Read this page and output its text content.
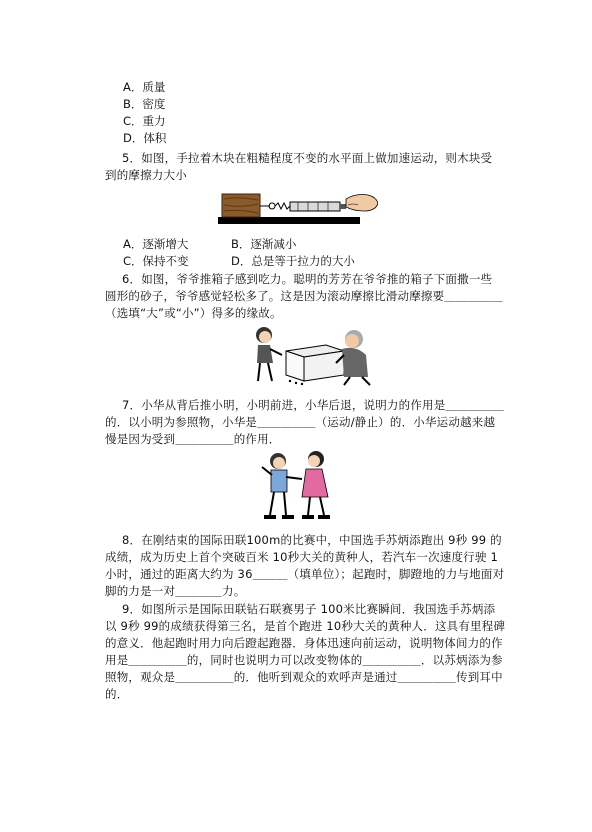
A．质量
B．密度
C．重力
D．体积
5．如图，手拉着木块在粗糙程度不变的水平面上做加速运动，则木块受
到的摩擦力大小
A．逐渐增大	B．逐渐减小
C．保持不变	D．总是等于拉力的大小
6．如图，爷爷推箱子感到吃力。聪明的芳芳在爷爷推的箱子下面撒一些
圆形的砂子，爷爷感觉轻松多了。这是因为滚动摩擦比滑动摩擦要＿＿＿＿＿
（选填“大”或“小”）得多的缘故。
7．小华从背后推小明，小明前进，小华后退，说明力的作用是＿＿＿＿＿
的．以小明为参照物，小华是＿＿＿＿＿（运动/静止）的．小华运动越来越
慢是因为受到＿＿＿＿＿的作用．
8．在刚结束的国际田联100m的比赛中，中国选手苏炳添跑出 9秒 99 的
成绩，成为历史上首个突破百米 10秒大关的黄种人，若汽车一次速度行驶 1
小时，通过的距离大约为 36＿＿＿（填单位）；起跑时，脚蹬地的力与地面对
脚的力是一对＿＿＿＿力。
9．如图所示是国际田联钻石联赛男子 100米比赛瞬间．我国选手苏炳添
以 9秒 99的成绩获得第三名，是首个跑进 10秒大关的黄种人．这具有里程碑
的意义．他起跑时用力向后蹬起跑器．身体迅速向前运动，说明物体间力的作
用是＿＿＿＿＿的，同时也说明力可以改变物体的＿＿＿＿＿．以苏炳添为参
照物，观众是＿＿＿＿＿的．他听到观众的欢呼声是通过＿＿＿＿＿传到耳中
的．
